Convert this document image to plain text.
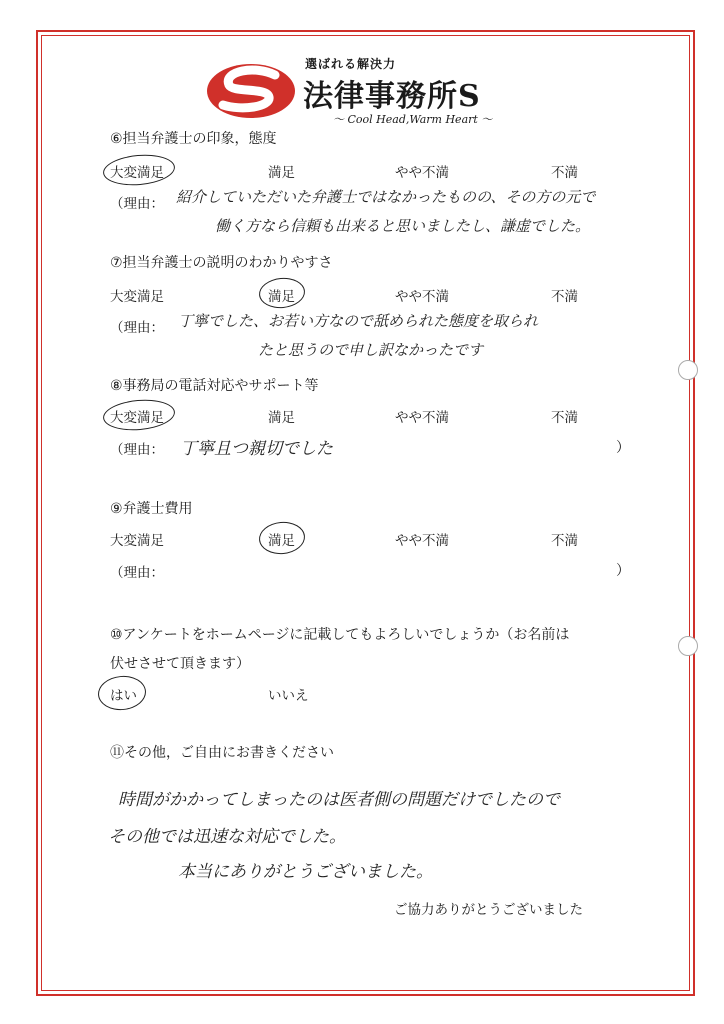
選ばれる解決力
法律事務所S
～ Cool Head,Warm Heart ～
⑥担当弁護士の印象，態度
大変満足	満足	やや不満	不満
（理由： 紹介していただいた弁護士ではなかったものの、その方の元で
働く方なら信頼も出来ると思いましたし、謙虚でした。
⑦担当弁護士の説明のわかりやすさ
大変満足	満足	やや不満	不満
（理由： 丁寧でした、お若い方なので舐められた態度を取られ
たと思うので申し訳なかったです
⑧事務局の電話対応やサポート等
大変満足	満足	やや不満	不満
（理由： 丁寧且つ親切でした	）
⑨弁護士費用
大変満足	満足	やや不満	不満
（理由：	）
⑩アンケートをホームページに記載してもよろしいでしょうか（お名前は
伏せさせて頂きます）
はい	いいえ
⑪その他，ご自由にお書きください
時間がかかってしまったのは医者側の問題だけでしたので
その他では迅速な対応でした。
本当にありがとうございました。
ご協力ありがとうございました
